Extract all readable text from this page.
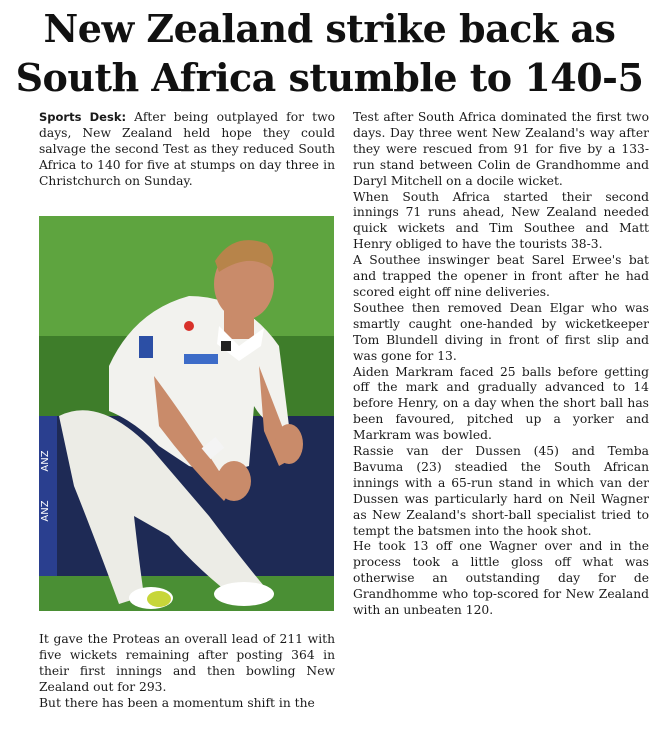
New Zealand strike back as
South Africa stumble to 140-5

Sports Desk: After being outplayed for two days, New Zealand held hope they could salvage the second Test as they reduced South Africa to 140 for five at stumps on day three in Christchurch on Sunday.

ANZ
ANZ

It gave the Proteas an overall lead of 211 with five wickets remaining after posting 364 in their first innings and then bowling New Zealand out for 293.

But there has been a momentum shift in the

Test after South Africa dominated the first two days. Day three went New Zealand's way after they were rescued from 91 for five by a 133-run stand between Colin de Grandhomme and Daryl Mitchell on a docile wicket.

When South Africa started their second innings 71 runs ahead, New Zealand needed quick wickets and Tim Southee and Matt Henry obliged to have the tourists 38-3.

A Southee inswinger beat Sarel Erwee's bat and trapped the opener in front after he had scored eight off nine deliveries.

Southee then removed Dean Elgar who was smartly caught one-handed by wicketkeeper Tom Blundell diving in front of first slip and was gone for 13.

Aiden Markram faced 25 balls before getting off the mark and gradually advanced to 14 before Henry, on a day when the short ball has been favoured, pitched up a yorker and Markram was bowled.

Rassie van der Dussen (45) and Temba Bavuma (23) steadied the South African innings with a 65-run stand in which van der Dussen was particularly hard on Neil Wagner as New Zealand's short-ball specialist tried to tempt the batsmen into the hook shot.

He took 13 off one Wagner over and in the process took a little gloss off what was otherwise an outstanding day for de Grandhomme who top-scored for New Zealand with an unbeaten 120.
